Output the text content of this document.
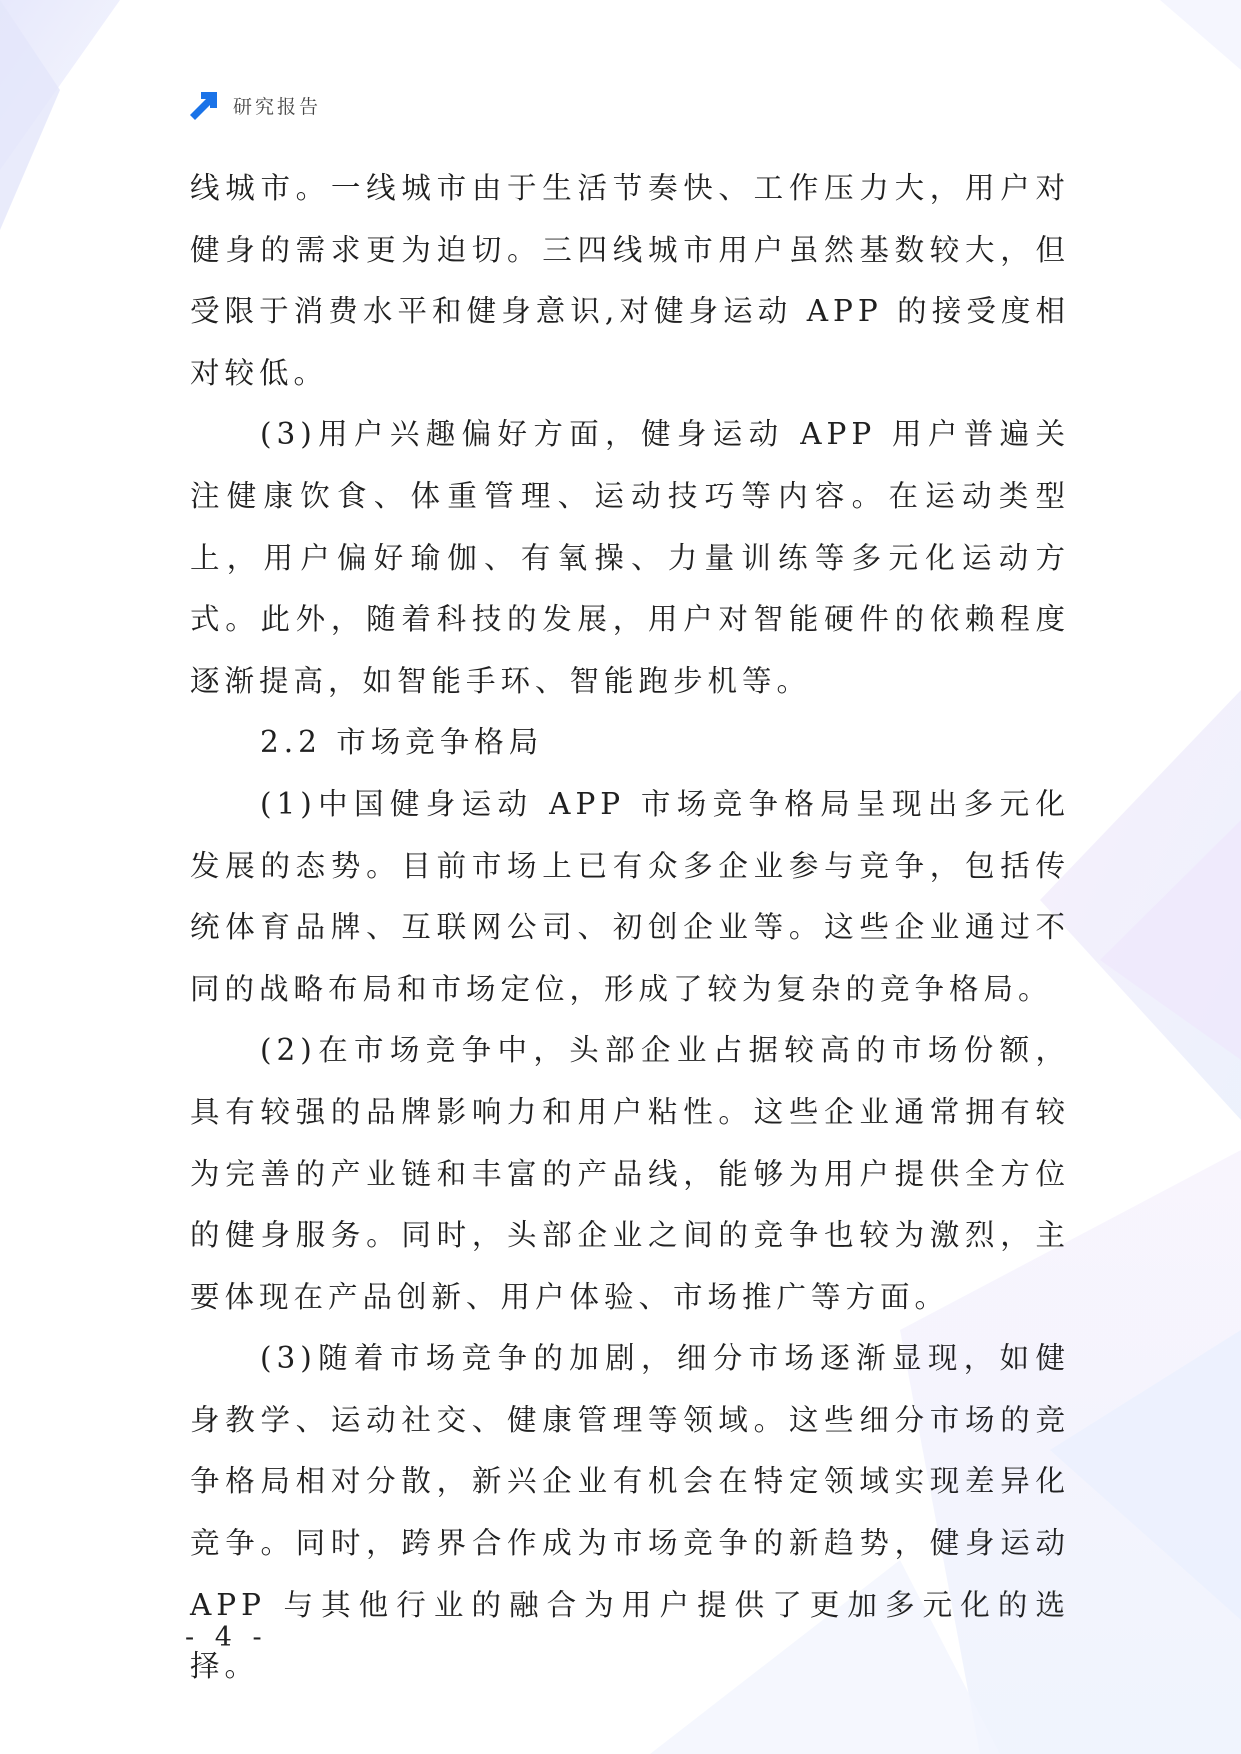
研究报告

线城市。一线城市由于生活节奏快、工作压力大，用户对健身的需求更为迫切。三四线城市用户虽然基数较大，但受限于消费水平和健身意识,对健身运动 APP 的接受度相对较低。

(3)用户兴趣偏好方面，健身运动 APP 用户普遍关注健康饮食、体重管理、运动技巧等内容。在运动类型上，用户偏好瑜伽、有氧操、力量训练等多元化运动方式。此外，随着科技的发展，用户对智能硬件的依赖程度逐渐提高，如智能手环、智能跑步机等。

2.2 市场竞争格局

(1)中国健身运动 APP 市场竞争格局呈现出多元化发展的态势。目前市场上已有众多企业参与竞争，包括传统体育品牌、互联网公司、初创企业等。这些企业通过不同的战略布局和市场定位，形成了较为复杂的竞争格局。

(2)在市场竞争中，头部企业占据较高的市场份额，具有较强的品牌影响力和用户粘性。这些企业通常拥有较为完善的产业链和丰富的产品线，能够为用户提供全方位的健身服务。同时，头部企业之间的竞争也较为激烈，主要体现在产品创新、用户体验、市场推广等方面。

(3)随着市场竞争的加剧，细分市场逐渐显现，如健身教学、运动社交、健康管理等领域。这些细分市场的竞争格局相对分散，新兴企业有机会在特定领域实现差异化竞争。同时，跨界合作成为市场竞争的新趋势，健身运动 APP 与其他行业的融合为用户提供了更加多元化的选择。

- 4 -
